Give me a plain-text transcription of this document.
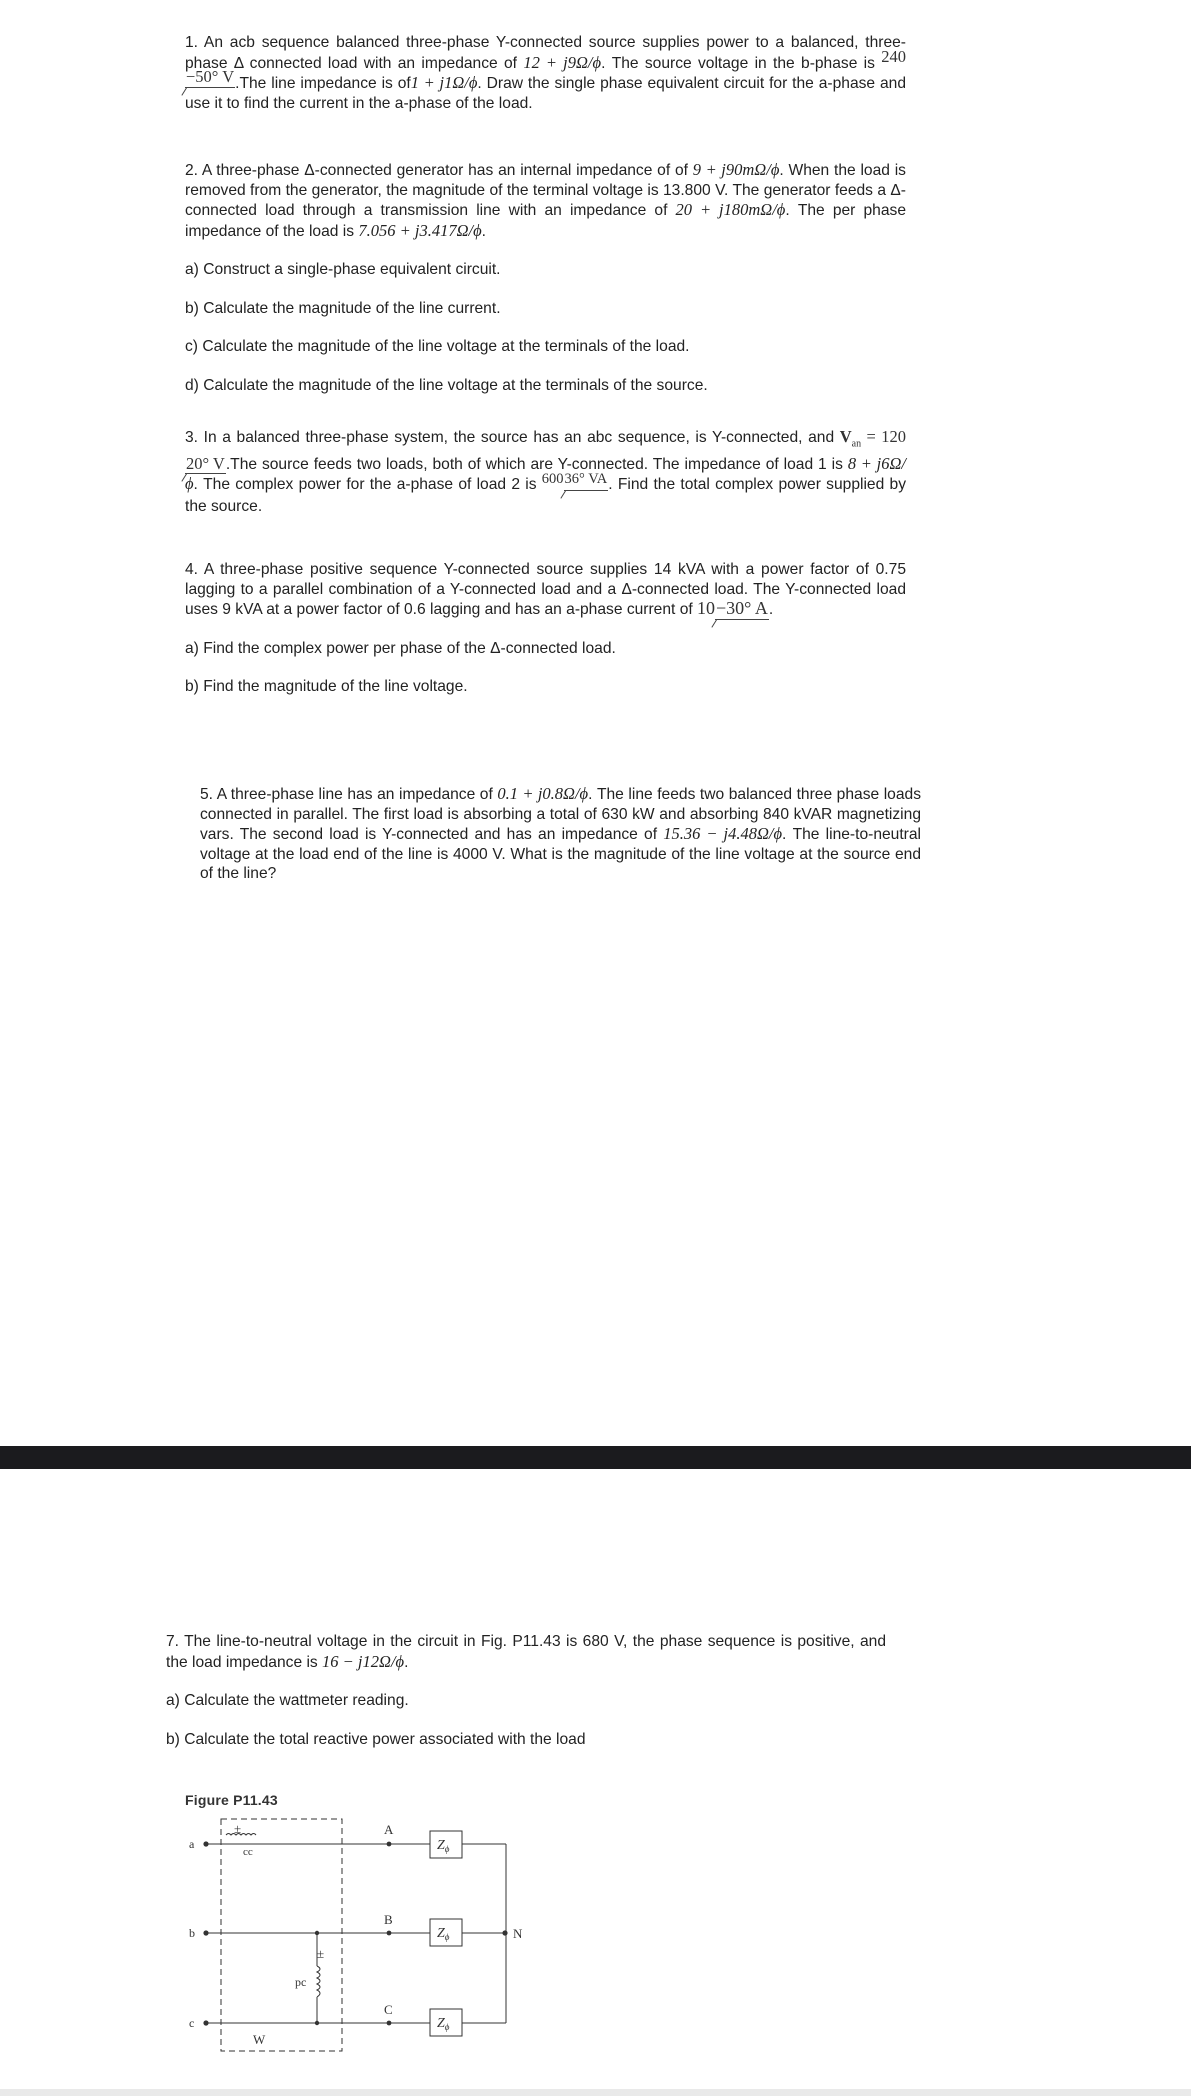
1. An acb sequence balanced three-phase Y-connected source supplies power to a balanced, three-phase Δ connected load with an impedance of 12 + j9Ω/ϕ. The source voltage in the b-phase is 240−50° V.The line impedance is of1 + j1Ω/ϕ. Draw the single phase equivalent circuit for the a-phase and use it to find the current in the a-phase of the load.

2. A three-phase Δ-connected generator has an internal impedance of of 9 + j90mΩ/ϕ. When the load is removed from the generator, the magnitude of the terminal voltage is 13.800 V. The generator feeds a Δ-connected load through a transmission line with an impedance of 20 + j180mΩ/ϕ. The per phase impedance of the load is 7.056 + j3.417Ω/ϕ.

a) Construct a single-phase equivalent circuit.

b) Calculate the magnitude of the line current.

c) Calculate the magnitude of the line voltage at the terminals of the load.

d) Calculate the magnitude of the line voltage at the terminals of the source.

3. In a balanced three-phase system, the source has an abc sequence, is Y-connected, and $V_{an} = 12020^\circ$ V.The source feeds two loads, both of which are Y-connected. The impedance of load 1 is 8 + j6Ω/ϕ. The complex power for the a-phase of load 2 is 60036° VA. Find the total complex power supplied by the source.

4. A three-phase positive sequence Y-connected source supplies 14 kVA with a power factor of 0.75 lagging to a parallel combination of a Y-connected load and a Δ-connected load. The Y-connected load uses 9 kVA at a power factor of 0.6 lagging and has an a-phase current of 10−30° A.

a) Find the complex power per phase of the Δ-connected load.

b) Find the magnitude of the line voltage.

5. A three-phase line has an impedance of 0.1 + j0.8Ω/ϕ. The line feeds two balanced three phase loads connected in parallel. The first load is absorbing a total of 630 kW and absorbing 840 kVAR magnetizing vars. The second load is Y-connected and has an impedance of 15.36 − j4.48Ω/ϕ. The line-to-neutral voltage at the load end of the line is 4000 V. What is the magnitude of the line voltage at the source end of the line?

7. The line-to-neutral voltage in the circuit in Fig. P11.43 is 680 V, the phase sequence is positive, and the load impedance is 16 − j12Ω/ϕ.

a) Calculate the wattmeter reading.

b) Calculate the total reactive power associated with the load

Figure P11.43
a
b
c
A
B
C
N
cc
pc
W
±
±
$Z_\phi$
$Z_\phi$
$Z_\phi$
